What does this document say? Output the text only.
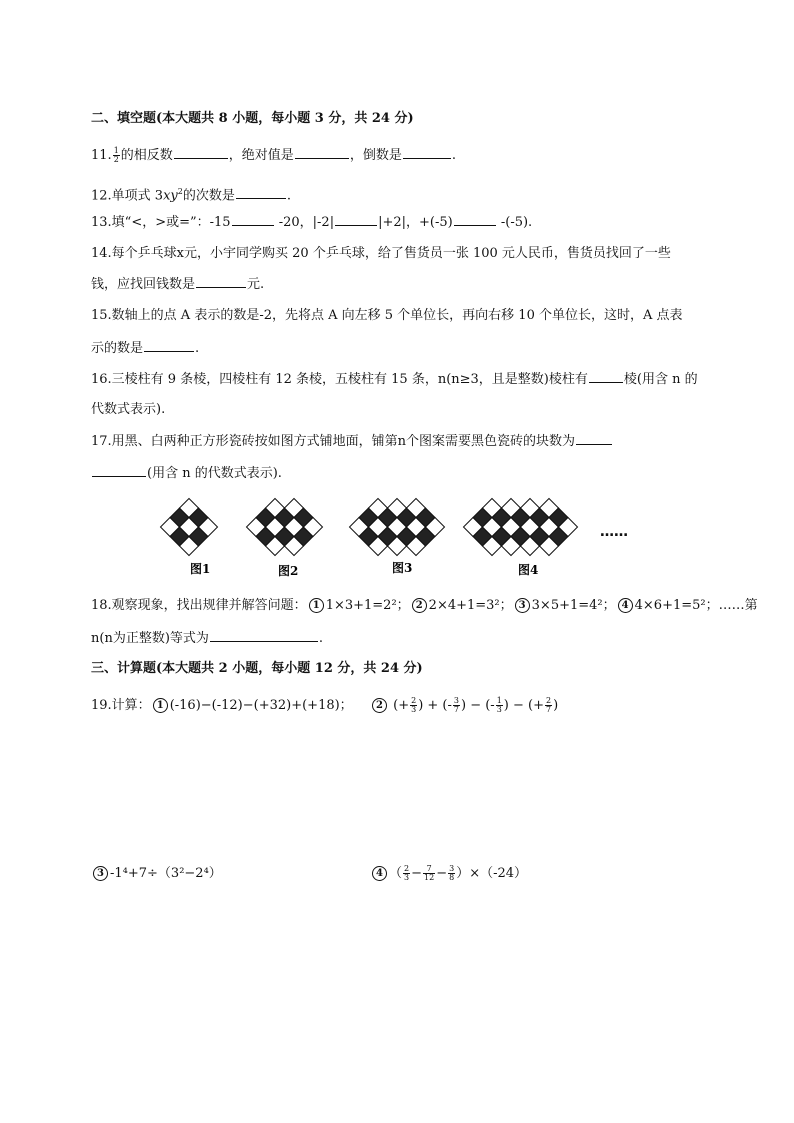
二、填空题(本大题共 8 小题，每小题 3 分，共 24 分)
11. $\frac{1}{2}$ 的相反数	，绝对值是	，倒数是	.
12.单项式 $3xy^2$的次数是	.
13.填“<，>或=”：-15	-20，|-2|	|+2|，+(-5)	-(-5).
14.每个乒乓球x元，小宇同学购买 20 个乒乓球，给了售货员一张 100 元人民币，售货员找回了一些
钱，应找回钱数是	元.
15.数轴上的点 A 表示的数是-2，先将点 A 向左移 5 个单位长，再向右移 10 个单位长，这时，A 点表
示的数是	.
16.三棱柱有 9 条棱，四棱柱有 12 条棱，五棱柱有 15 条，n(n≥3，且是整数)棱柱有	棱(用含 n 的
代数式表示).
17.用黑、白两种正方形瓷砖按如图方式铺地面，铺第n个图案需要黑色瓷砖的块数为
(用含 n 的代数式表示).
……
图1	图2	图3	图4
18.观察现象，找出规律并解答问题： 1 1×3+1=2²； 2 2×4+1=3²； 3 3×5+1=4²； 4 4×6+1=5²；……第
n(n为正整数)等式为	.
三、计算题(本大题共 2 小题，每小题 12 分，共 24 分)
19.计算： 1 (-16)−(-12)−(+32)+(+18)；	2 (+ $\frac{2}{3}$ ) + (- $\frac{3}{7}$ ) − (- $\frac{1}{3}$ ) − (+ $\frac{2}{7}$ )
3 -1⁴+7÷（3²−2⁴）	4 （ $\frac{2}{3} - \frac{7}{12} - \frac{3}{8} )\times(-24)$
